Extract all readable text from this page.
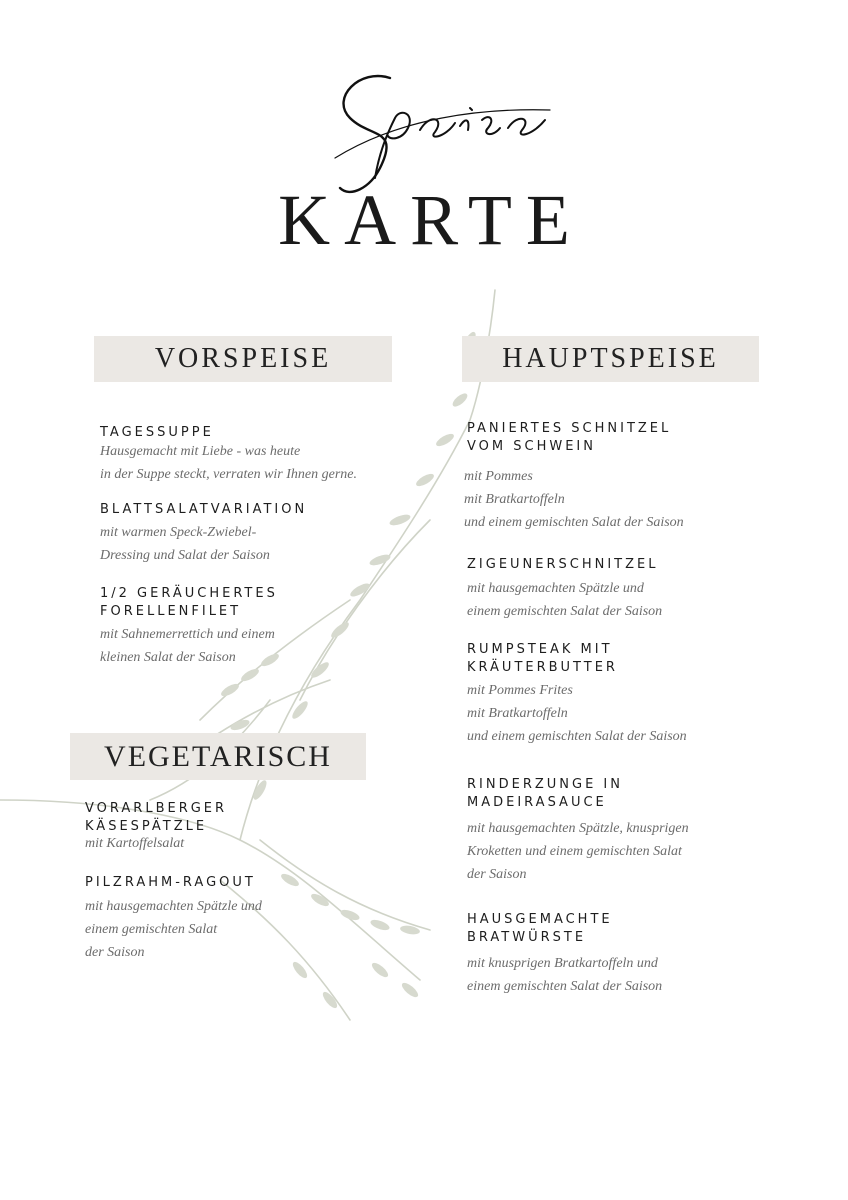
KARTE
VORSPEISE
TAGESSUPPE
Hausgemacht mit Liebe - was heute
in der Suppe steckt, verraten wir Ihnen gerne.
BLATTSALATVARIATION
mit warmen Speck-Zwiebel-
Dressing und Salat der Saison
1/2 GERÄUCHERTES
FORELLENFILET
mit Sahnemerrettich und einem
kleinen Salat der Saison
HAUPTSPEISE
PANIERTES SCHNITZEL
VOM SCHWEIN
mit Pommes
mit Bratkartoffeln
und einem gemischten Salat der Saison
ZIGEUNERSCHNITZEL
mit hausgemachten Spätzle und
einem gemischten Salat der Saison
RUMPSTEAK MIT
KRÄUTERBUTTER
mit Pommes Frites
mit Bratkartoffeln
und einem gemischten Salat der Saison
RINDERZUNGE IN
MADEIRASAUCE
mit hausgemachten Spätzle, knusprigen
Kroketten und einem gemischten Salat
der Saison
HAUSGEMACHTE
BRATWÜRSTE
mit knusprigen Bratkartoffeln und
einem gemischten Salat der Saison
VEGETARISCH
VORARLBERGER
KÄSESPÄTZLE
mit Kartoffelsalat
PILZRAHM-RAGOUT
mit hausgemachten Spätzle und
einem gemischten Salat
der Saison
